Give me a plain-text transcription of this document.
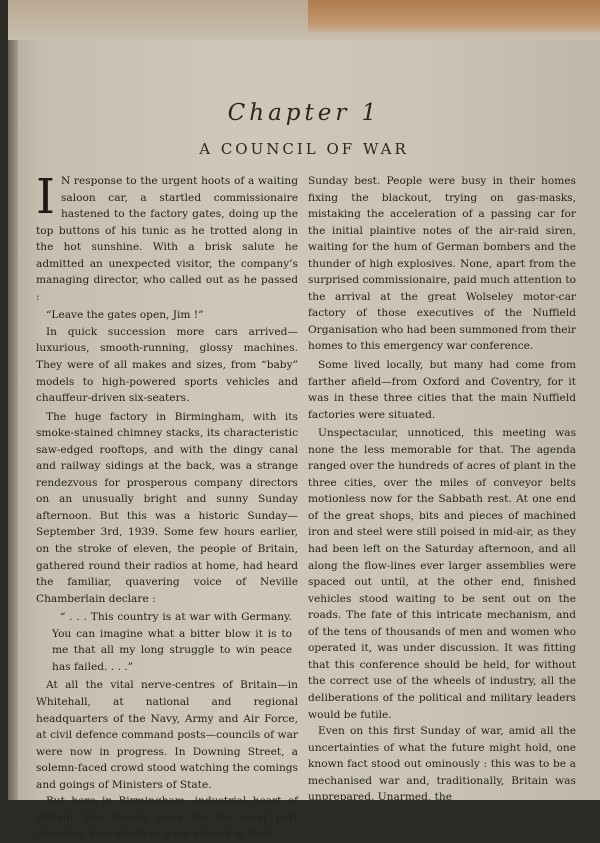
Chapter 1
A COUNCIL OF WAR

I N response to the urgent hoots of a waiting saloon car, a startled commissionaire hastened to the factory gates, doing up the top buttons of his tunic as he trotted along in the hot sunshine. With a brisk salute he admitted an unexpected visitor, the company’s managing director, who called out as he passed :

“Leave the gates open, Jim !”

In quick succession more cars arrived—luxurious, smooth-running, glossy machines. They were of all makes and sizes, from “baby” models to high-powered sports vehicles and chauffeur-driven six-seaters.

The huge factory in Birmingham, with its smoke-stained chimney stacks, its characteristic saw-edged rooftops, and with the dingy canal and railway sidings at the back, was a strange rendezvous for prosperous company directors on an unusually bright and sunny Sunday afternoon. But this was a historic Sunday—September 3rd, 1939. Some few hours earlier, on the stroke of eleven, the people of Britain, gathered round their radios at home, had heard the familiar, quavering voice of Neville Chamberlain declare :

“ . . . This country is at war with Germany. You can imagine what a bitter blow it is to me that all my long struggle to win peace has failed. . . .”

At all the vital nerve-centres of Britain—in Whitehall, at national and regional headquarters of the Navy, Army and Air Force, at civil defence command posts—councils of war were now in progress. In Downing Street, a solemn-faced crowd stood watching the comings and goings of Ministers of State.

But here in Birmingham, industrial heart of Britain, the streets were for the most part deserted. Few strollers were abroad in their

Sunday best. People were busy in their homes fixing the blackout, trying on gas-masks, mistaking the acceleration of a passing car for the initial plaintive notes of the air-raid siren, waiting for the hum of German bombers and the thunder of high explosives. None, apart from the surprised commissionaire, paid much attention to the arrival at the great Wolseley motor-car factory of those executives of the Nuffield Organisation who had been summoned from their homes to this emergency war conference.

Some lived locally, but many had come from farther afield—from Oxford and Coventry, for it was in these three cities that the main Nuffield factories were situated.

Unspectacular, unnoticed, this meeting was none the less memorable for that. The agenda ranged over the hundreds of acres of plant in the three cities, over the miles of conveyor belts motionless now for the Sabbath rest. At one end of the great shops, bits and pieces of machined iron and steel were still poised in mid-air, as they had been left on the Saturday afternoon, and all along the flow-lines ever larger assemblies were spaced out until, at the other end, finished vehicles stood waiting to be sent out on the roads. The fate of this intricate mechanism, and of the tens of thousands of men and women who operated it, was under discussion. It was fitting that this conference should be held, for without the correct use of the wheels of industry, all the deliberations of the political and military leaders would be futile.

Even on this first Sunday of war, amid all the uncertainties of what the future might hold, one known fact stood out ominously : this was to be a mechanised war and, traditionally, Britain was unprepared. Unarmed, the
